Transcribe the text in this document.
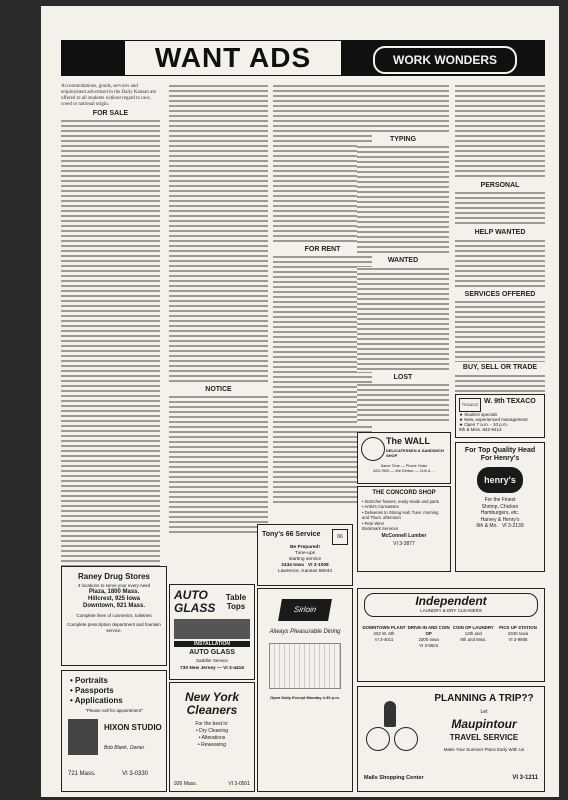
WANT ADS	WORK WONDERS
Accommodations, goods, services and employment advertised in the Daily Kansan are offered to all students without regard to race, creed or national origin.
FOR SALE
NOTICE
FOR RENT
TYPING
WANTED
LOST
PERSONAL
HELP WANTED
SERVICES OFFERED
BUY, SELL OR TRADE
TEXACO W. 9th TEXACO
★ Student specials
★ New, experienced management
★ Open 7 a.m. - 10 p.m.
9th & Miss. 842-9413
The WALL
DELICATESSEN & SANDWICH SHOP
Same Time — Phone Order
843-7600 — We Deliver — 11th & ...
THE CONCORD SHOP
• Stretcher frames, ready-made and parts
• Artist's Canvasses
• Deliveries to Strong Hall, Tues. morning and Thurs. afternoon
• Pete Wire!
Bookmark Services
McConnell Lumber
VI 3-3877
For Top Quality Head For Henry's
henry's
For the Finest
Shrimp, Chicken
Hamburgers, etc.
Harvey & Henry's
6th & Mo. VI 3-2139
Raney Drug Stores
3 locations to serve your every need
Plaza, 1800 Mass.
Hillcrest, 925 Iowa
Downtown, 921 Mass.
Complete lines of cosmetics, toiletries
Complete prescription department and fountain service.
• Portraits
• Passports
• Applications
"Please call for appointment"
HIXON STUDIO
Bob Blank, Owner
721 Mass.	VI 3-0330
AUTO GLASS
Table Tops
INSTALLATION
AUTO GLASS
Saddler Service
730 New Jersey — VI 3-4416
New York Cleaners
For the best in:
• Dry Cleaning
• Alterations
• Reweaving
926 Mass.	VI 3-0501
Tony's 66 Service	66
Be Prepared!
Tune-ups
starting service
2434 Iowa VI 3-1008
Lawrence, Kansas 66044
Sirloin
Always Pleasurable Dining
Open Daily Except Monday 4:30 p.m.
Independent
LAUNDRY & DRY CLEANERS
DOWNTOWN PLANT
202 W. 6th
VI 3-4011
DRIVE-IN AND COIN OP
2300 Iowa
VI 3-5504
COIN OP LAUNDRY
12th and
9th and Miss.
PICK UP STATION
2340 Iowa
VI 3-9868
PLANNING A TRIP??
Let
Maupintour
TRAVEL SERVICE
Make Your Summer Plans Early With Us
Malls Shopping Center	VI 3-1211
